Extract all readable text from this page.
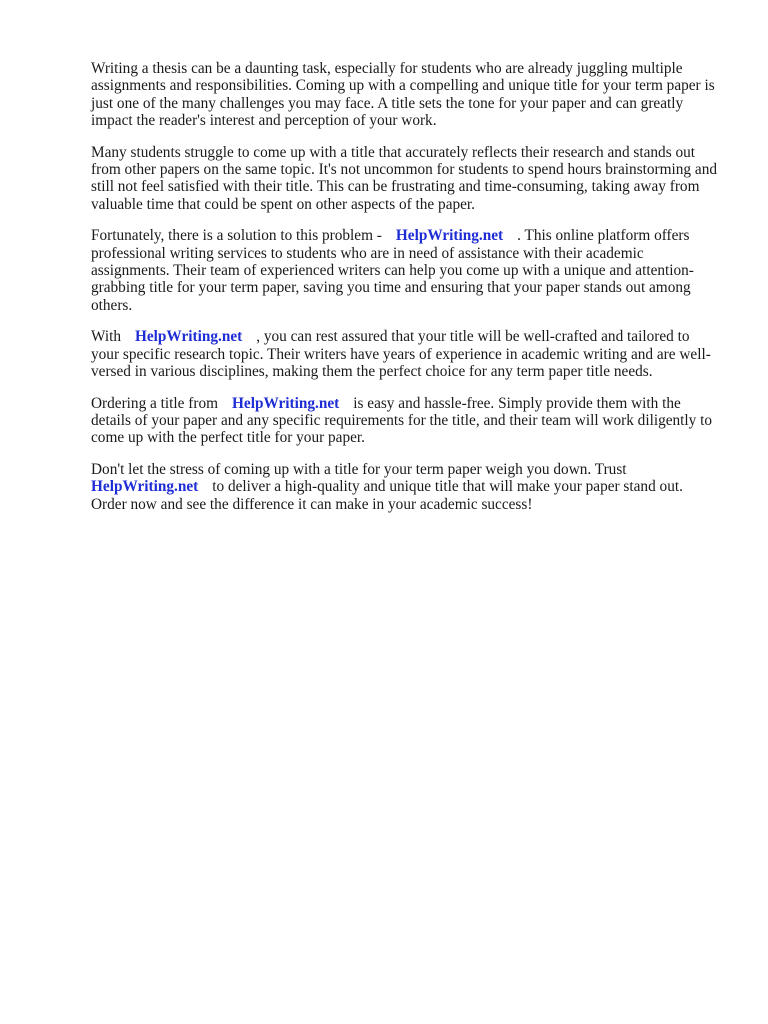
Writing a thesis can be a daunting task, especially for students who are already juggling multiple assignments and responsibilities. Coming up with a compelling and unique title for your term paper is just one of the many challenges you may face. A title sets the tone for your paper and can greatly impact the reader's interest and perception of your work.

Many students struggle to come up with a title that accurately reflects their research and stands out from other papers on the same topic. It's not uncommon for students to spend hours brainstorming and still not feel satisfied with their title. This can be frustrating and time-consuming, taking away from valuable time that could be spent on other aspects of the paper.

Fortunately, there is a solution to this problem - HelpWriting.net . This online platform offers professional writing services to students who are in need of assistance with their academic assignments. Their team of experienced writers can help you come up with a unique and attention-grabbing title for your term paper, saving you time and ensuring that your paper stands out among others.

With HelpWriting.net , you can rest assured that your title will be well-crafted and tailored to your specific research topic. Their writers have years of experience in academic writing and are well-versed in various disciplines, making them the perfect choice for any term paper title needs.

Ordering a title from HelpWriting.net is easy and hassle-free. Simply provide them with the details of your paper and any specific requirements for the title, and their team will work diligently to come up with the perfect title for your paper.

Don't let the stress of coming up with a title for your term paper weigh you down. Trust HelpWriting.net to deliver a high-quality and unique title that will make your paper stand out. Order now and see the difference it can make in your academic success!
